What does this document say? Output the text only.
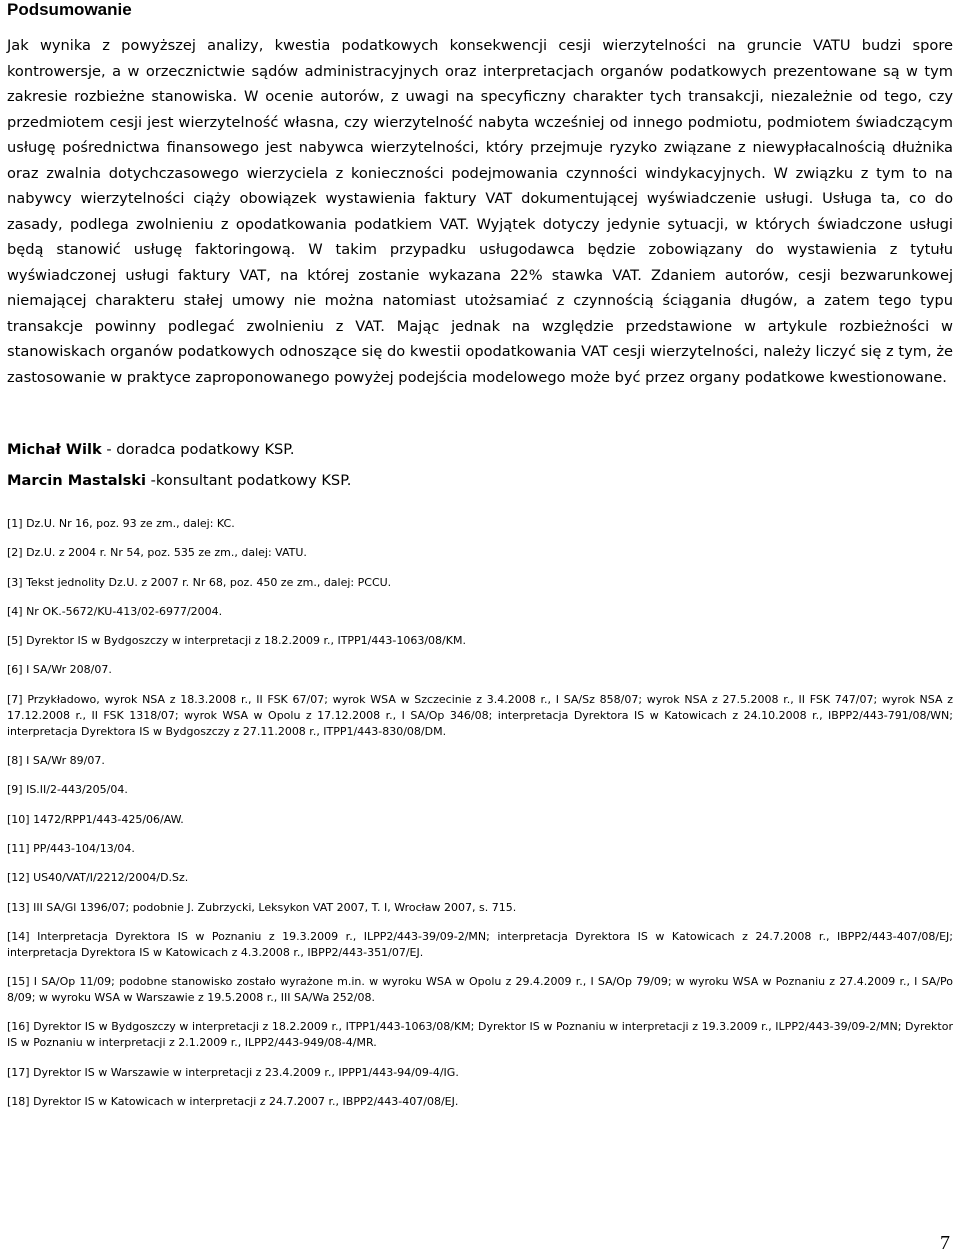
Podsumowanie

Jak wynika z powyższej analizy, kwestia podatkowych konsekwencji cesji wierzytelności na gruncie VATU budzi spore kontrowersje, a w orzecznictwie sądów administracyjnych oraz interpretacjach organów podatkowych prezentowane są w tym zakresie rozbieżne stanowiska. W ocenie autorów, z uwagi na specyficzny charakter tych transakcji, niezależnie od tego, czy przedmiotem cesji jest wierzytelność własna, czy wierzytelność nabyta wcześniej od innego podmiotu, podmiotem świadczącym usługę pośrednictwa finansowego jest nabywca wierzytelności, który przejmuje ryzyko związane z niewypłacalnością dłużnika oraz zwalnia dotychczasowego wierzyciela z konieczności podejmowania czynności windykacyjnych. W związku z tym to na nabywcy wierzytelności ciąży obowiązek wystawienia faktury VAT dokumentującej wyświadczenie usługi. Usługa ta, co do zasady, podlega zwolnieniu z opodatkowania podatkiem VAT. Wyjątek dotyczy jedynie sytuacji, w których świadczone usługi będą stanowić usługę faktoringową. W takim przypadku usługodawca będzie zobowiązany do wystawienia z tytułu wyświadczonej usługi faktury VAT, na której zostanie wykazana 22% stawka VAT. Zdaniem autorów, cesji bezwarunkowej niemającej charakteru stałej umowy nie można natomiast utożsamiać z czynnością ściągania długów, a zatem tego typu transakcje powinny podlegać zwolnieniu z VAT. Mając jednak na względzie przedstawione w artykule rozbieżności w stanowiskach organów podatkowych odnoszące się do kwestii opodatkowania VAT cesji wierzytelności, należy liczyć się z tym, że zastosowanie w praktyce zaproponowanego powyżej podejścia modelowego może być przez organy podatkowe kwestionowane.

Michał Wilk - doradca podatkowy KSP.
Marcin Mastalski -konsultant podatkowy KSP.

[1] Dz.U. Nr 16, poz. 93 ze zm., dalej: KC.

[2] Dz.U. z 2004 r. Nr 54, poz. 535 ze zm., dalej: VATU.

[3] Tekst jednolity Dz.U. z 2007 r. Nr 68, poz. 450 ze zm., dalej: PCCU.

[4] Nr OK.-5672/KU-413/02-6977/2004.

[5] Dyrektor IS w Bydgoszczy w interpretacji z 18.2.2009 r., ITPP1/443-1063/08/KM.

[6] I SA/Wr 208/07.

[7] Przykładowo, wyrok NSA z 18.3.2008 r., II FSK 67/07; wyrok WSA w Szczecinie z 3.4.2008 r., I SA/Sz 858/07; wyrok NSA z 27.5.2008 r., II FSK 747/07; wyrok NSA z 17.12.2008 r., II FSK 1318/07; wyrok WSA w Opolu z 17.12.2008 r., I SA/Op 346/08; interpretacja Dyrektora IS w Katowicach z 24.10.2008 r., IBPP2/443-791/08/WN; interpretacja Dyrektora IS w Bydgoszczy z 27.11.2008 r., ITPP1/443-830/08/DM.

[8] I SA/Wr 89/07.

[9] IS.II/2-443/205/04.

[10] 1472/RPP1/443-425/06/AW.

[11] PP/443-104/13/04.

[12] US40/VAT/I/2212/2004/D.Sz.

[13] III SA/Gl 1396/07; podobnie J. Zubrzycki, Leksykon VAT 2007, T. I, Wrocław 2007, s. 715.

[14] Interpretacja Dyrektora IS w Poznaniu z 19.3.2009 r., ILPP2/443-39/09-2/MN; interpretacja Dyrektora IS w Katowicach z 24.7.2008 r., IBPP2/443-407/08/EJ; interpretacja Dyrektora IS w Katowicach z 4.3.2008 r., IBPP2/443-351/07/EJ.

[15] I SA/Op 11/09; podobne stanowisko zostało wyrażone m.in. w wyroku WSA w Opolu z 29.4.2009 r., I SA/Op 79/09; w wyroku WSA w Poznaniu z 27.4.2009 r., I SA/Po 8/09; w wyroku WSA w Warszawie z 19.5.2008 r., III SA/Wa 252/08.

[16] Dyrektor IS w Bydgoszczy w interpretacji z 18.2.2009 r., ITPP1/443-1063/08/KM; Dyrektor IS w Poznaniu w interpretacji z 19.3.2009 r., ILPP2/443-39/09-2/MN; Dyrektor IS w Poznaniu w interpretacji z 2.1.2009 r., ILPP2/443-949/08-4/MR.

[17] Dyrektor IS w Warszawie w interpretacji z 23.4.2009 r., IPPP1/443-94/09-4/IG.

[18] Dyrektor IS w Katowicach w interpretacji z 24.7.2007 r., IBPP2/443-407/08/EJ.

7
